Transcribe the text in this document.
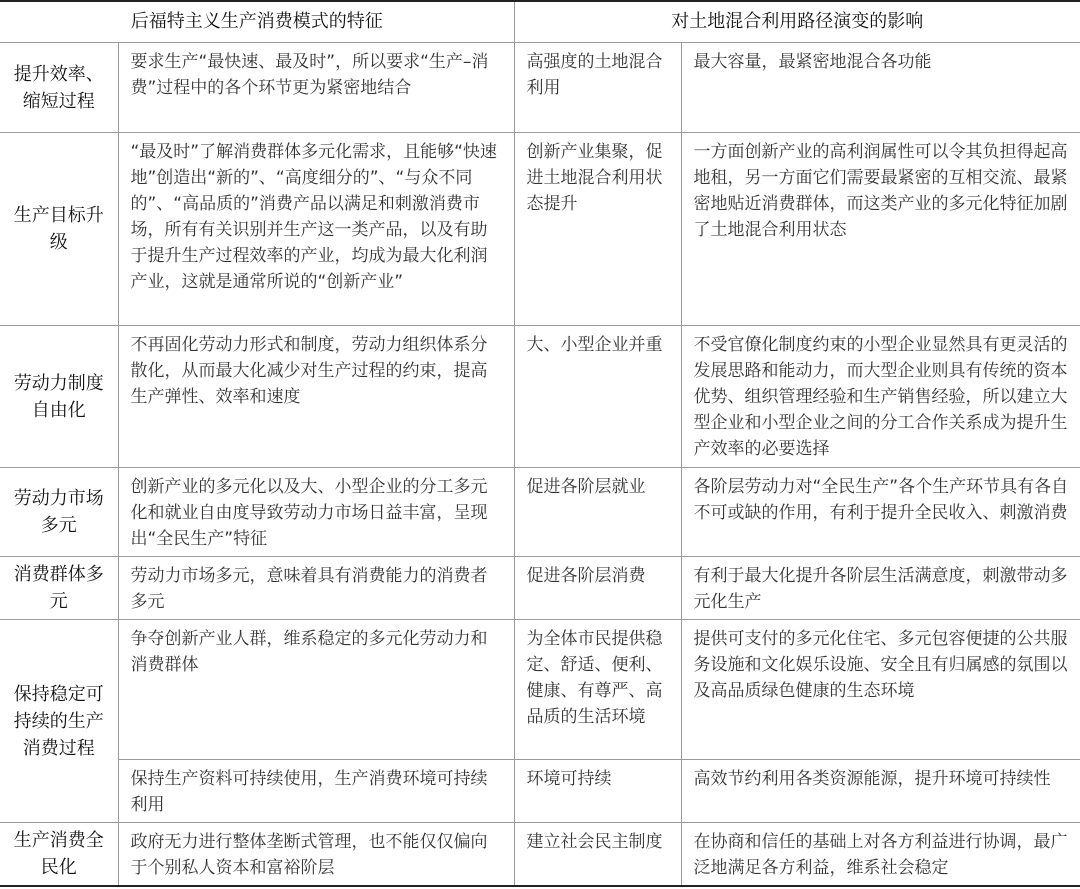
后福特主义生产消费模式的特征		对土地混合利用路径演变的影响	
提升效率、缩短过程	要求生产“最快速、最及时”，所以要求“生产–消费”过程中的各个环节更为紧密地结合	高强度的土地混合利用	最大容量，最紧密地混合各功能
生产目标升级	“最及时”了解消费群体多元化需求，且能够“快速地”创造出“新的”、“高度细分的”、“与众不同的”、“高品质的”消费产品以满足和刺激消费市场，所有有关识别并生产这一类产品，以及有助于提升生产过程效率的产业，均成为最大化利润产业，这就是通常所说的“创新产业”	创新产业集聚，促进土地混合利用状态提升	一方面创新产业的高利润属性可以令其负担得起高地租，另一方面它们需要最紧密的互相交流、最紧密地贴近消费群体，而这类产业的多元化特征加剧了土地混合利用状态
劳动力制度自由化	不再固化劳动力形式和制度，劳动力组织体系分散化，从而最大化减少对生产过程的约束，提高生产弹性、效率和速度	大、小型企业并重	不受官僚化制度约束的小型企业显然具有更灵活的发展思路和能动力，而大型企业则具有传统的资本优势、组织管理经验和生产销售经验，所以建立大型企业和小型企业之间的分工合作关系成为提升生产效率的必要选择
劳动力市场多元	创新产业的多元化以及大、小型企业的分工多元化和就业自由度导致劳动力市场日益丰富，呈现出“全民生产”特征	促进各阶层就业	各阶层劳动力对“全民生产”各个生产环节具有各自不可或缺的作用，有利于提升全民收入、刺激消费
消费群体多元	劳动力市场多元，意味着具有消费能力的消费者多元	促进各阶层消费	有利于最大化提升各阶层生活满意度，刺激带动多元化生产
保持稳定可持续的生产消费过程	争夺创新产业人群，维系稳定的多元化劳动力和消费群体	为全体市民提供稳定、舒适、便利、健康、有尊严、高品质的生活环境	提供可支付的多元化住宅、多元包容便捷的公共服务设施和文化娱乐设施、安全且有归属感的氛围以及高品质绿色健康的生态环境
	保持生产资料可持续使用，生产消费环境可持续利用	环境可持续	高效节约利用各类资源能源，提升环境可持续性
生产消费全民化	政府无力进行整体垄断式管理，也不能仅仅偏向于个别私人资本和富裕阶层	建立社会民主制度	在协商和信任的基础上对各方利益进行协调，最广泛地满足各方利益，维系社会稳定
